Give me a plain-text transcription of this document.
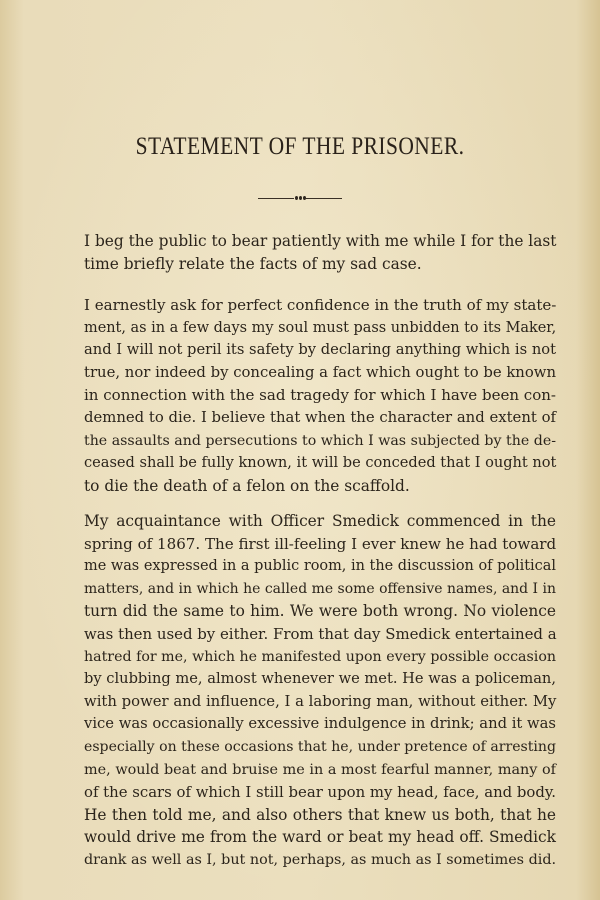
STATEMENT OF THE PRISONER.
I beg the public to bear patiently with me while I for the last
time briefly relate the facts of my sad case.
I earnestly ask for perfect confidence in the truth of my state-
ment, as in a few days my soul must pass unbidden to its Maker,
and I will not peril its safety by declaring anything which is not
true, nor indeed by concealing a fact which ought to be known
in connection with the sad tragedy for which I have been con-
demned to die. I believe that when the character and extent of
the assaults and persecutions to which I was subjected by the de-
ceased shall be fully known, it will be conceded that I ought not
to die the death of a felon on the scaffold.
My acquaintance with Officer Smedick commenced in the
spring of 1867. The first ill-feeling I ever knew he had toward
me was expressed in a public room, in the discussion of political
matters, and in which he called me some offensive names, and I in
turn did the same to him. We were both wrong. No violence
was then used by either. From that day Smedick entertained a
hatred for me, which he manifested upon every possible occasion
by clubbing me, almost whenever we met. He was a policeman,
with power and influence, I a laboring man, without either. My
vice was occasionally excessive indulgence in drink; and it was
especially on these occasions that he, under pretence of arresting
me, would beat and bruise me in a most fearful manner, many of
of the scars of which I still bear upon my head, face, and body.
He then told me, and also others that knew us both, that he
would drive me from the ward or beat my head off. Smedick
drank as well as I, but not, perhaps, as much as I sometimes did.
